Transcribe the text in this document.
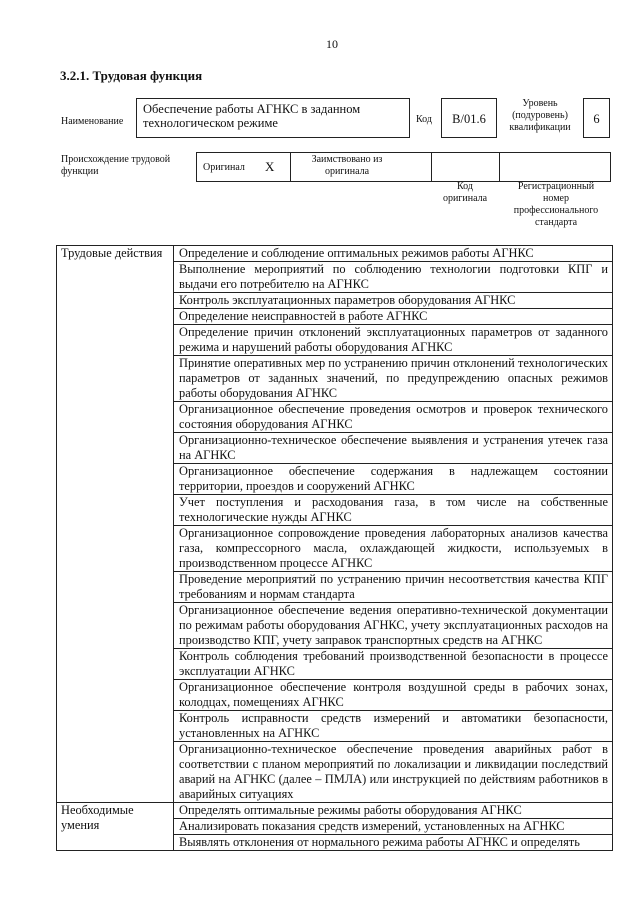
10
3.2.1. Трудовая функция
Наименование
Обеспечение работы АГНКС в заданном технологическом режиме	Код	B/01.6
Уровень (подуровень) квалификации
6
Происхождение трудовой функции	Оригинал X	Заимствовано из оригинала
Код оригинала
Регистрационный номер профессионального стандарта
Трудовые действия	Определение и соблюдение оптимальных режимов работы АГНКС
	Выполнение мероприятий по соблюдению технологии подготовки КПГ и выдачи его потребителю на АГНКС
	Контроль эксплуатационных параметров оборудования АГНКС
	Определение неисправностей в работе АГНКС
	Определение причин отклонений эксплуатационных параметров от заданного режима и нарушений работы оборудования АГНКС
	Принятие оперативных мер по устранению причин отклонений технологических параметров от заданных значений, по предупреждению опасных режимов работы оборудования АГНКС
	Организационное обеспечение проведения осмотров и проверок технического состояния оборудования АГНКС
	Организационно-техническое обеспечение выявления и устранения утечек газа на АГНКС
	Организационное обеспечение содержания в надлежащем состоянии территории, проездов и сооружений АГНКС
	Учет поступления и расходования газа, в том числе на собственные технологические нужды АГНКС
	Организационное сопровождение проведения лабораторных анализов качества газа, компрессорного масла, охлаждающей жидкости, используемых в производственном процессе АГНКС
	Проведение мероприятий по устранению причин несоответствия качества КПГ требованиям и нормам стандарта
	Организационное обеспечение ведения оперативно-технической документации по режимам работы оборудования АГНКС, учету эксплуатационных расходов на производство КПГ, учету заправок транспортных средств на АГНКС
	Контроль соблюдения требований производственной безопасности в процессе эксплуатации АГНКС
	Организационное обеспечение контроля воздушной среды в рабочих зонах, колодцах, помещениях АГНКС
	Контроль исправности средств измерений и автоматики безопасности, установленных на АГНКС
	Организационно-техническое обеспечение проведения аварийных работ в соответствии с планом мероприятий по локализации и ликвидации последствий аварий на АГНКС (далее – ПМЛА) или инструкцией по действиям работников в аварийных ситуациях
Необходимые умения	Определять оптимальные режимы работы оборудования АГНКС
	Анализировать показания средств измерений, установленных на АГНКС
	Выявлять отклонения от нормального режима работы АГНКС и определять
